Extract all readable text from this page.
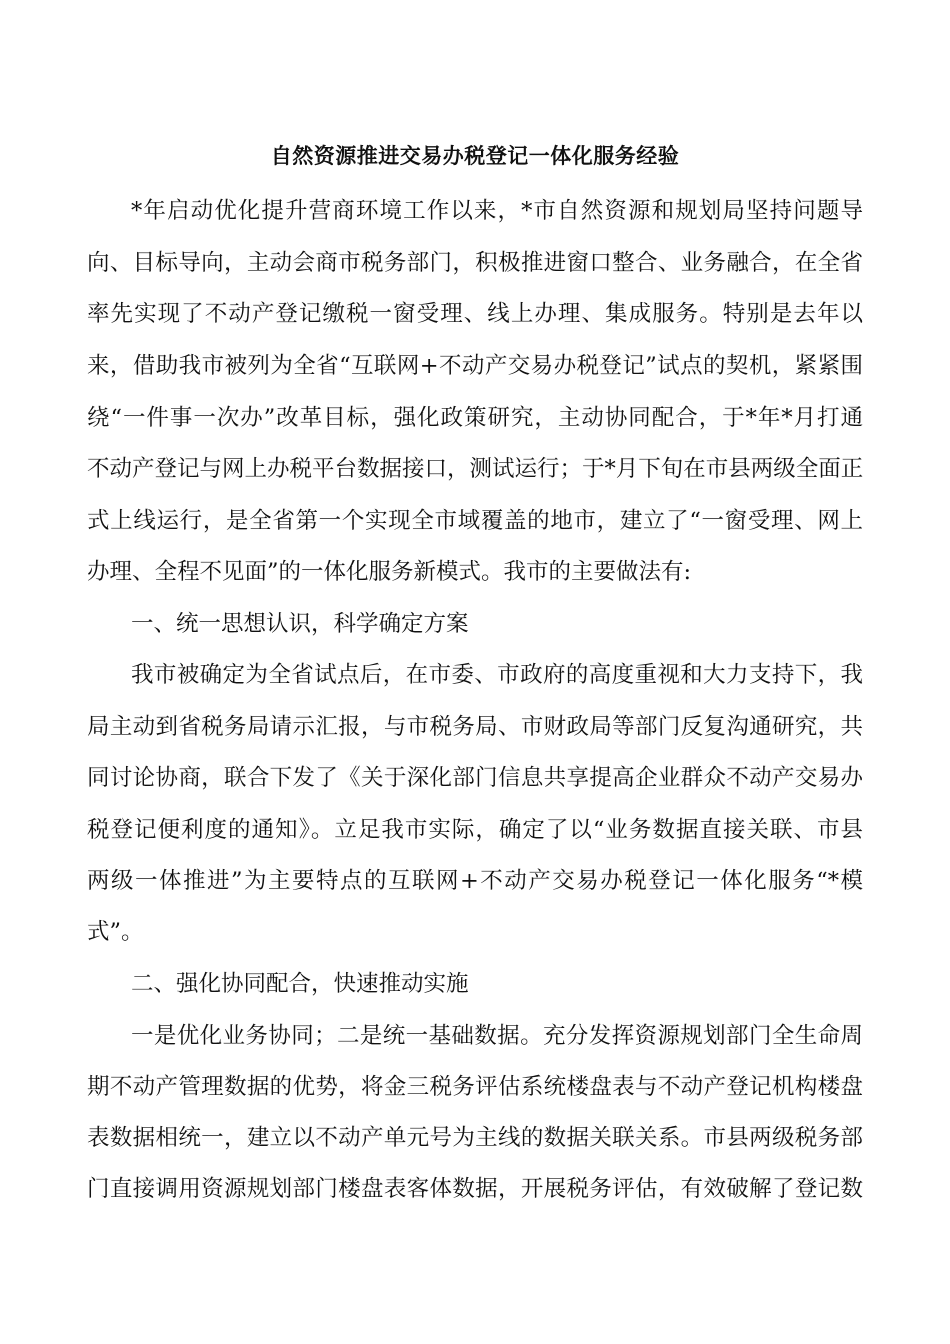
自然资源推进交易办税登记一体化服务经验
*年启动优化提升营商环境工作以来，*市自然资源和规划局坚持问题导
向、目标导向，主动会商市税务部门，积极推进窗口整合、业务融合，在全省
率先实现了不动产登记缴税一窗受理、线上办理、集成服务。特别是去年以
来，借助我市被列为全省“互联网+不动产交易办税登记”试点的契机，紧紧围
绕“一件事一次办”改革目标，强化政策研究，主动协同配合，于*年*月打通
不动产登记与网上办税平台数据接口，测试运行；于*月下旬在市县两级全面正
式上线运行，是全省第一个实现全市域覆盖的地市，建立了“一窗受理、网上
办理、全程不见面”的一体化服务新模式。我市的主要做法有:
一、统一思想认识，科学确定方案
我市被确定为全省试点后，在市委、市政府的高度重视和大力支持下，我
局主动到省税务局请示汇报，与市税务局、市财政局等部门反复沟通研究，共
同讨论协商，联合下发了《关于深化部门信息共享提高企业群众不动产交易办
税登记便利度的通知》。立足我市实际，确定了以“业务数据直接关联、市县
两级一体推进”为主要特点的互联网+不动产交易办税登记一体化服务“*模
式”。
二、强化协同配合，快速推动实施
一是优化业务协同；二是统一基础数据。充分发挥资源规划部门全生命周
期不动产管理数据的优势，将金三税务评估系统楼盘表与不动产登记机构楼盘
表数据相统一，建立以不动产单元号为主线的数据关联关系。市县两级税务部
门直接调用资源规划部门楼盘表客体数据，开展税务评估，有效破解了登记数
